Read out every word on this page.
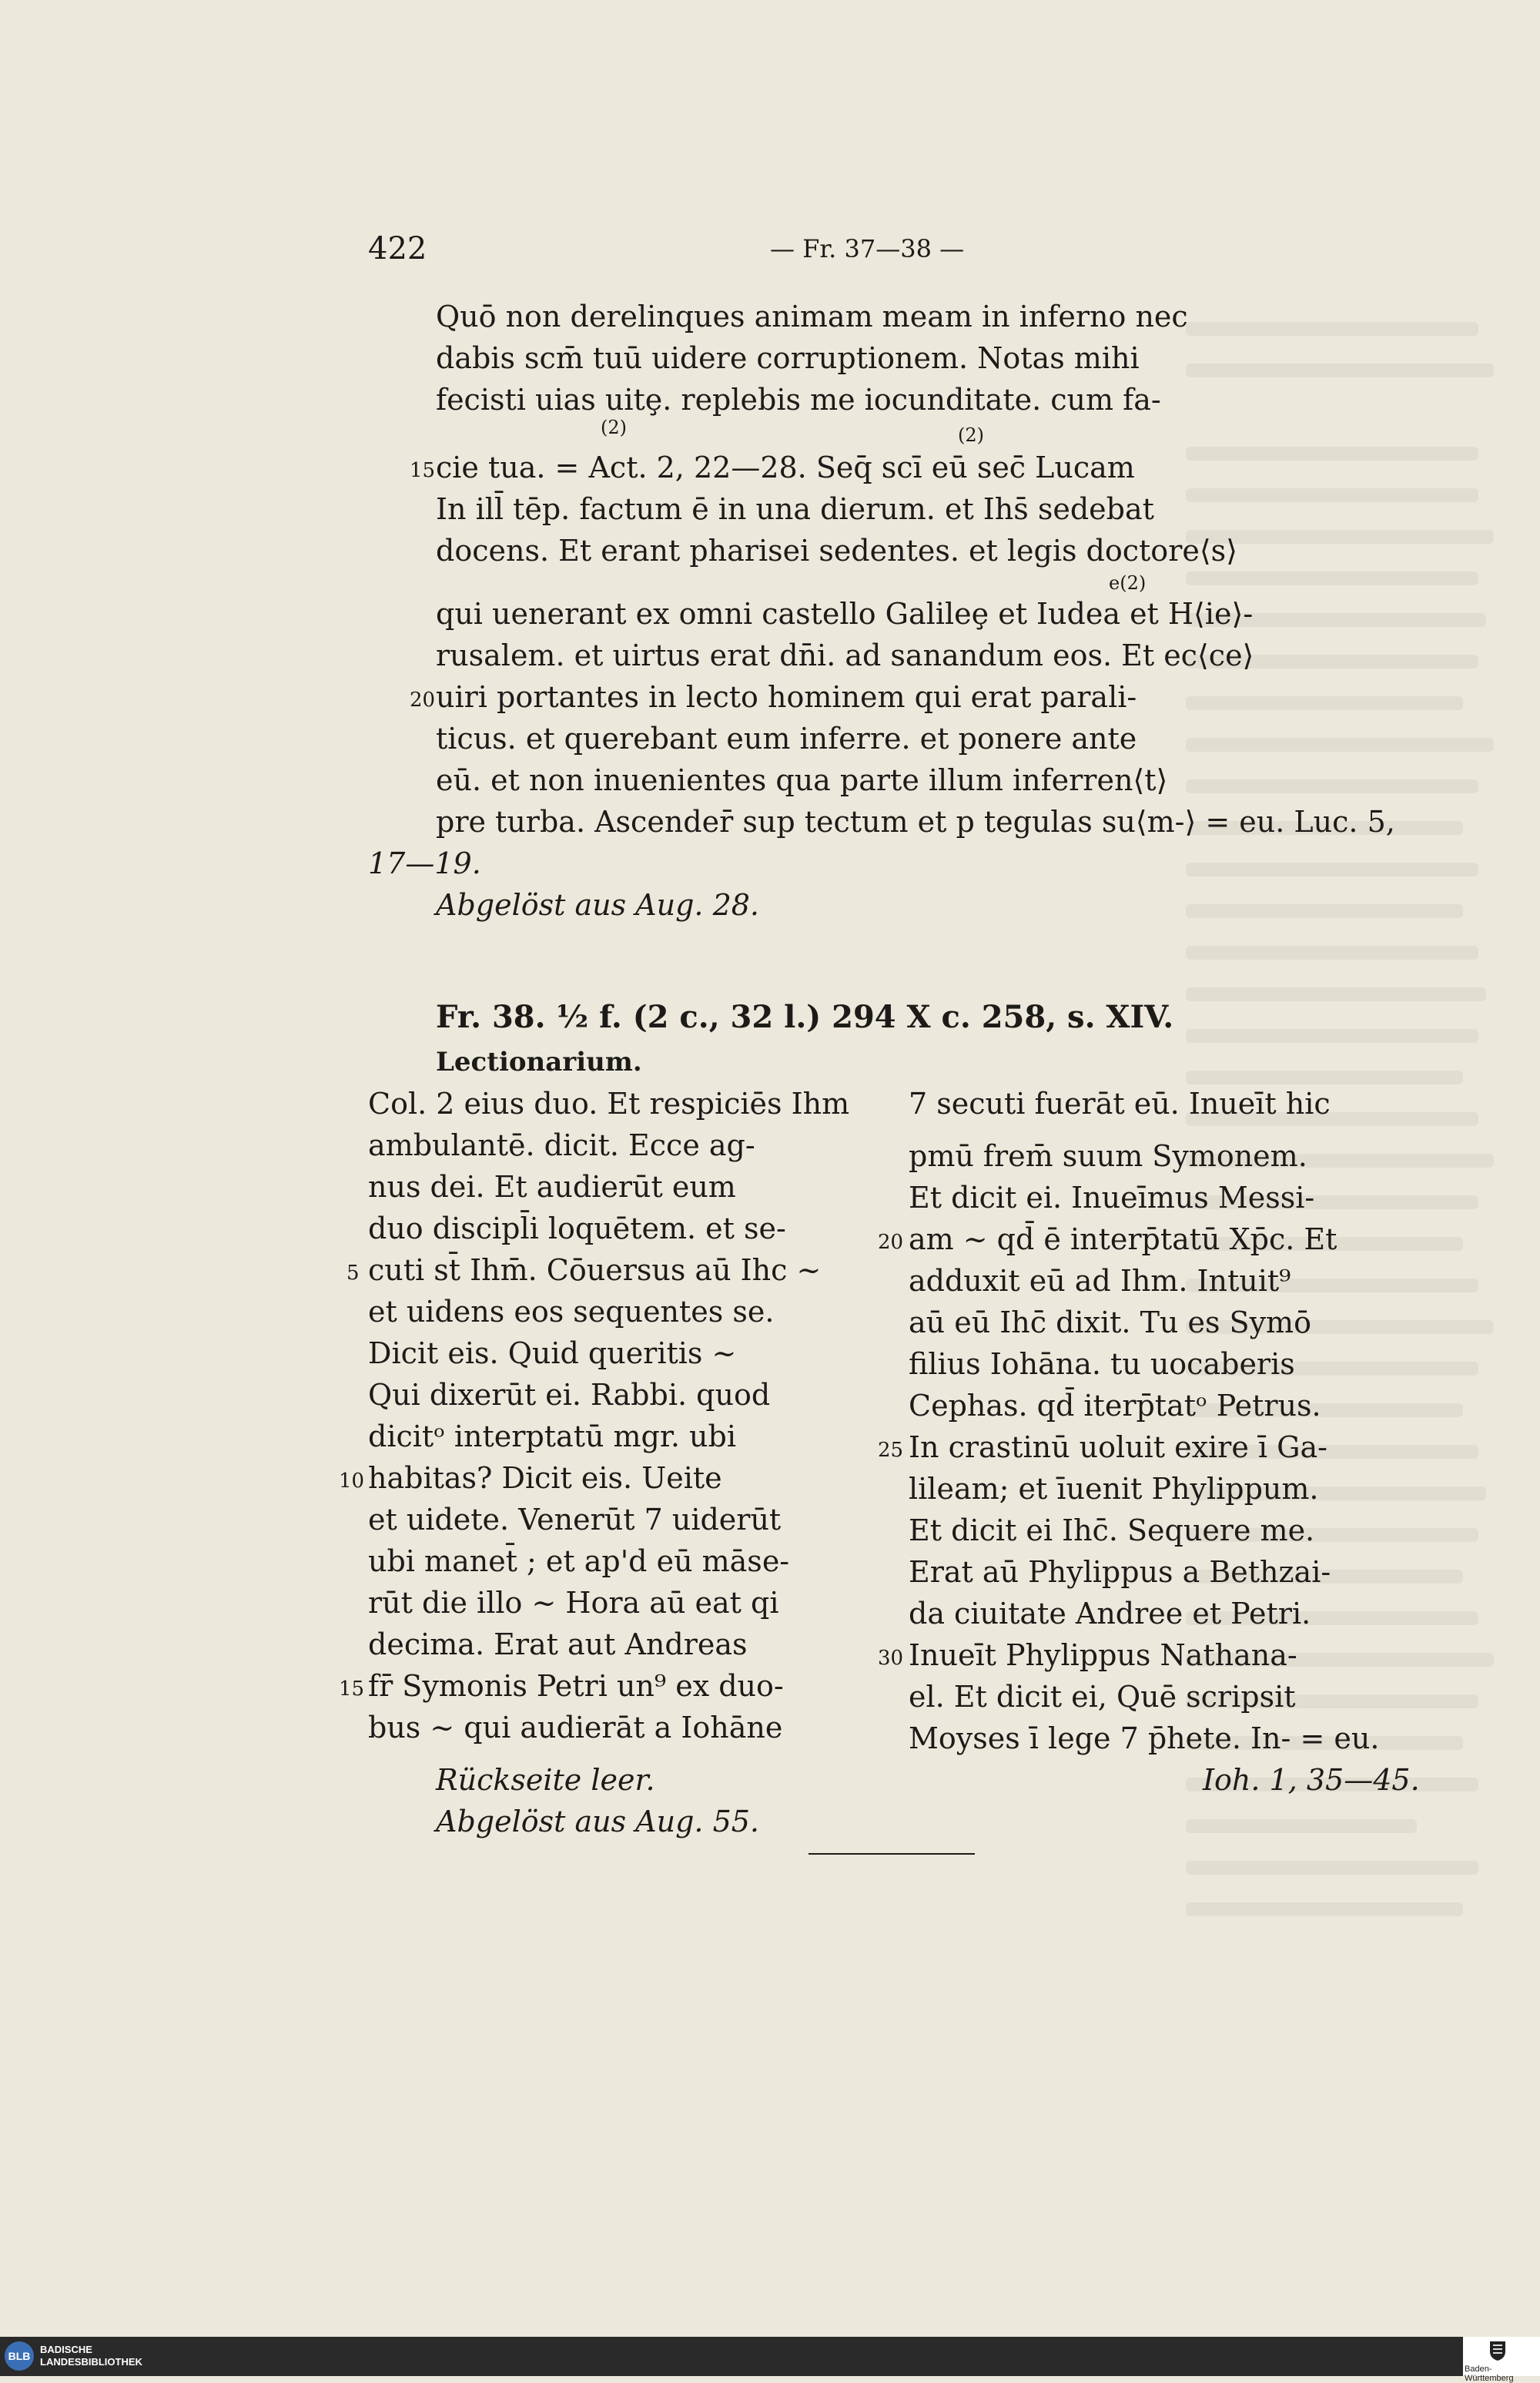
422	— Fr. 37—38 —
Quō non derelinques animam meam in inferno nec
dabis scm̄ tuū uidere corruptionem. Notas mihi
fecisti uias uitȩ. replebis me iocunditate. cum fa-
(2)	(2)
15 cie tua. = Act. 2, 22—28. Seq̄ scī eū sec̄ Lucam
In ill̄ tēp. factum ē in una dierum. et Ihs̄ sedebat
docens. Et erant pharisei sedentes. et legis doctore⟨s⟩
e(2)
qui uenerant ex omni castello Galileȩ et Iudea et H⟨ie⟩-
rusalem. et uirtus erat dn̄i. ad sanandum eos. Et ec⟨ce⟩
20 uiri portantes in lecto hominem qui erat parali-
ticus. et querebant eum inferre. et ponere ante
eū. et non inuenientes qua parte illum inferren⟨t⟩
pre turba. Ascender̄ sup tectum et p tegulas su⟨m-⟩ = eu. Luc. 5,
17—19.
Abgelöst aus Aug. 28.
Fr. 38. ½ f. (2 c., 32 l.) 294 X c. 258, s. XIV.
Lectionarium.
Col. 2 eius duo. Et respiciēs Ihm
ambulantē. dicit. Ecce ag-
nus dei. Et audierūt eum
duo discipl̄i loquētem. et se-
5 cuti st̄ Ihm̄. Cōuersus aū Ihc ~
et uidens eos sequentes se.
Dicit eis. Quid queritis ~
Qui dixerūt ei. Rabbi. quod
dicitᵒ interptatū mgr. ubi
10 habitas? Dicit eis. Ueite
et uidete. Venerūt 7 uiderūt
ubi manet̄ ; et ap'd eū māse-
rūt die illo ~ Hora aū eat qi
decima. Erat aut Andreas
15 fr̄ Symonis Petri un⁹ ex duo-
bus ~ qui audierāt a Iohāne
Rückseite leer.
Abgelöst aus Aug. 55.
7 secuti fuerāt eū. Inueīt hic
pmū frem̄ suum Symonem.
Et dicit ei. Inueīmus Messi-
20 am ~ qd̄ ē interp̄tatū Xp̄c. Et
adduxit eū ad Ihm. Intuit⁹
aū eū Ihc̄ dixit. Tu es Symō
filius Iohāna. tu uocaberis
Cephas. qd̄ iterp̄tatᵒ Petrus.
25 In crastinū uoluit exire ī Ga-
lileam; et īuenit Phylippum.
Et dicit ei Ihc̄. Sequere me.
Erat aū Phylippus a Bethzai-
da ciuitate Andree et Petri.
30 Inueīt Phylippus Nathana-
el. Et dicit ei, Quē scripsit
Moyses ī lege 7 p̄hete. In- = eu.
Ioh. 1, 35—45.
BLB
BADISCHE
LANDESBIBLIOTHEK
Baden-Württemberg
